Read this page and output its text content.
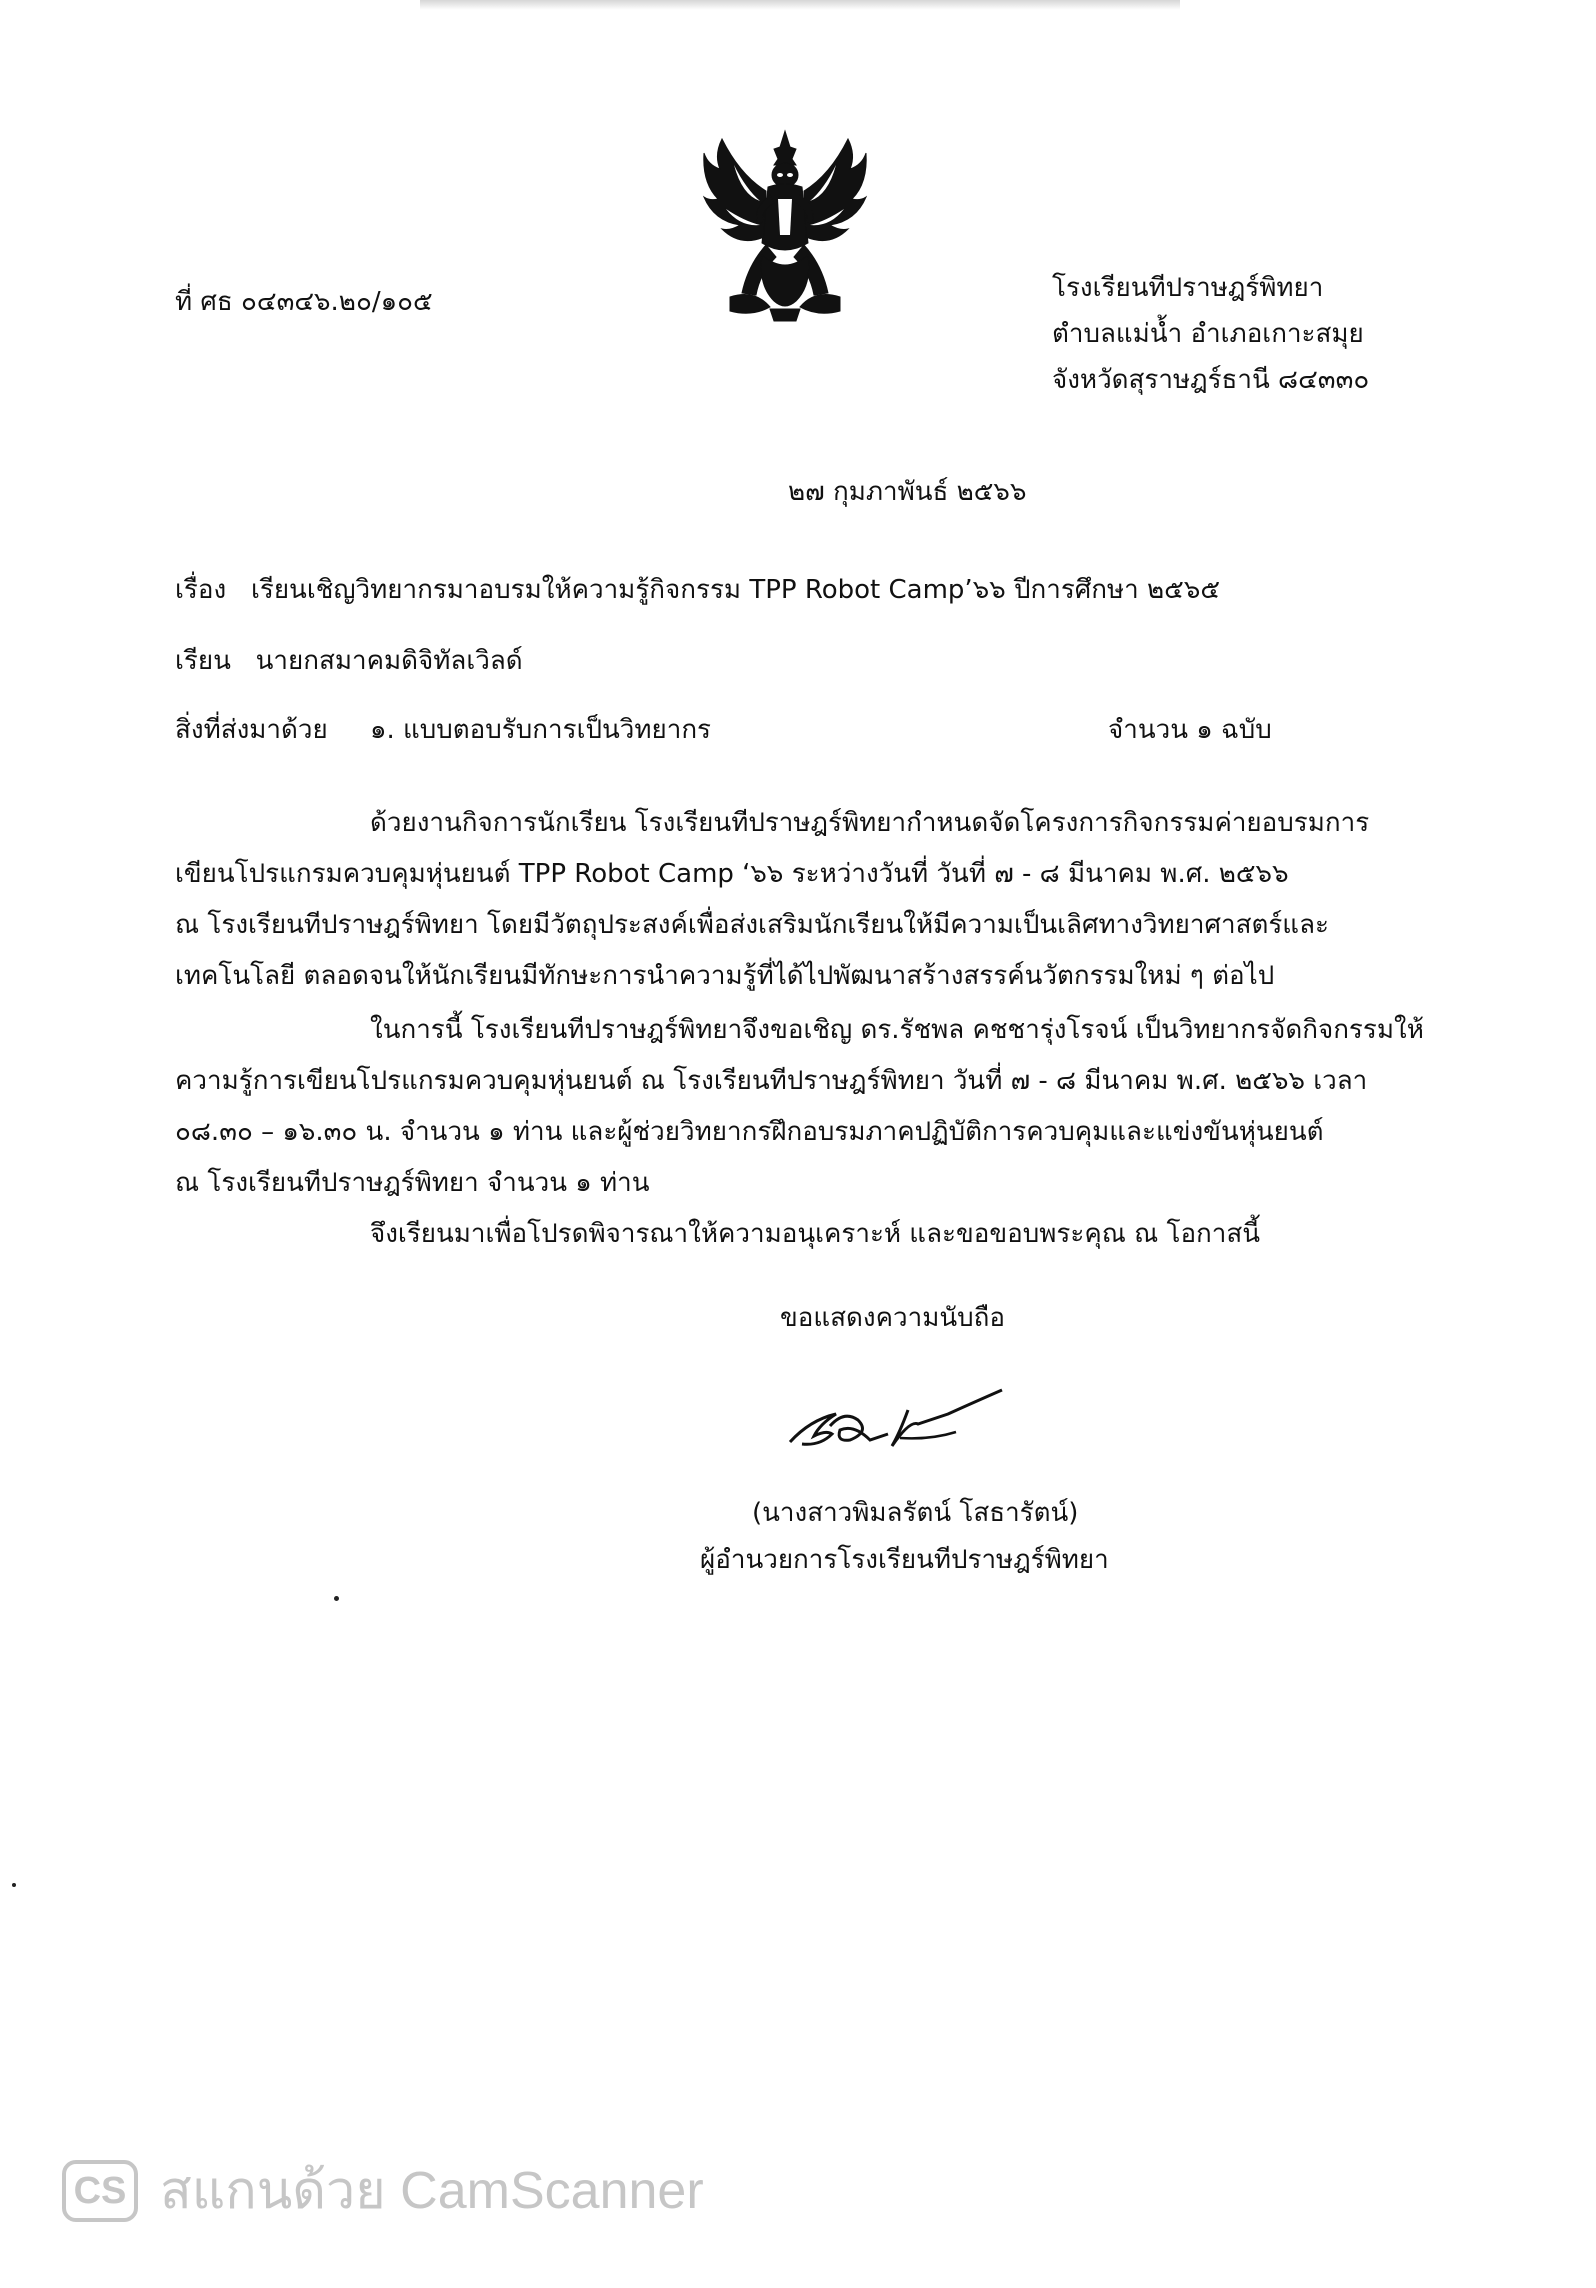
ที่ ศธ ๐๔๓๔๖.๒๐/๑๐๕	โรงเรียนทีปราษฎร์พิทยา
ตำบลแม่น้ำ อำเภอเกาะสมุย
จังหวัดสุราษฎร์ธานี ๘๔๓๓๐
๒๗ กุมภาพันธ์ ๒๕๖๖
เรื่อง เรียนเชิญวิทยากรมาอบรมให้ความรู้กิจกรรม TPP Robot Camp’๖๖ ปีการศึกษา ๒๕๖๕
เรียน นายกสมาคมดิจิทัลเวิลด์
สิ่งที่ส่งมาด้วย ๑. แบบตอบรับการเป็นวิทยากร	จำนวน ๑ ฉบับ
ด้วยงานกิจการนักเรียน โรงเรียนทีปราษฎร์พิทยากำหนดจัดโครงการกิจกรรมค่ายอบรมการ
เขียนโปรแกรมควบคุมหุ่นยนต์ TPP Robot Camp ‘๖๖ ระหว่างวันที่ วันที่ ๗ - ๘ มีนาคม พ.ศ. ๒๕๖๖
ณ โรงเรียนทีปราษฎร์พิทยา โดยมีวัตถุประสงค์เพื่อส่งเสริมนักเรียนให้มีความเป็นเลิศทางวิทยาศาสตร์และ
เทคโนโลยี ตลอดจนให้นักเรียนมีทักษะการนำความรู้ที่ได้ไปพัฒนาสร้างสรรค์นวัตกรรมใหม่ ๆ ต่อไป
ในการนี้ โรงเรียนทีปราษฎร์พิทยาจึงขอเชิญ ดร.รัชพล คชชารุ่งโรจน์ เป็นวิทยากรจัดกิจกรรมให้
ความรู้การเขียนโปรแกรมควบคุมหุ่นยนต์ ณ โรงเรียนทีปราษฎร์พิทยา วันที่ ๗ - ๘ มีนาคม พ.ศ. ๒๕๖๖ เวลา
๐๘.๓๐ – ๑๖.๓๐ น. จำนวน ๑ ท่าน และผู้ช่วยวิทยากรฝึกอบรมภาคปฏิบัติการควบคุมและแข่งขันหุ่นยนต์
ณ โรงเรียนทีปราษฎร์พิทยา จำนวน ๑ ท่าน
จึงเรียนมาเพื่อโปรดพิจารณาให้ความอนุเคราะห์ และขอขอบพระคุณ ณ โอกาสนี้
ขอแสดงความนับถือ
(นางสาวพิมลรัตน์ โสธารัตน์)
ผู้อำนวยการโรงเรียนทีปราษฎร์พิทยา
CS สแกนด้วย CamScanner
